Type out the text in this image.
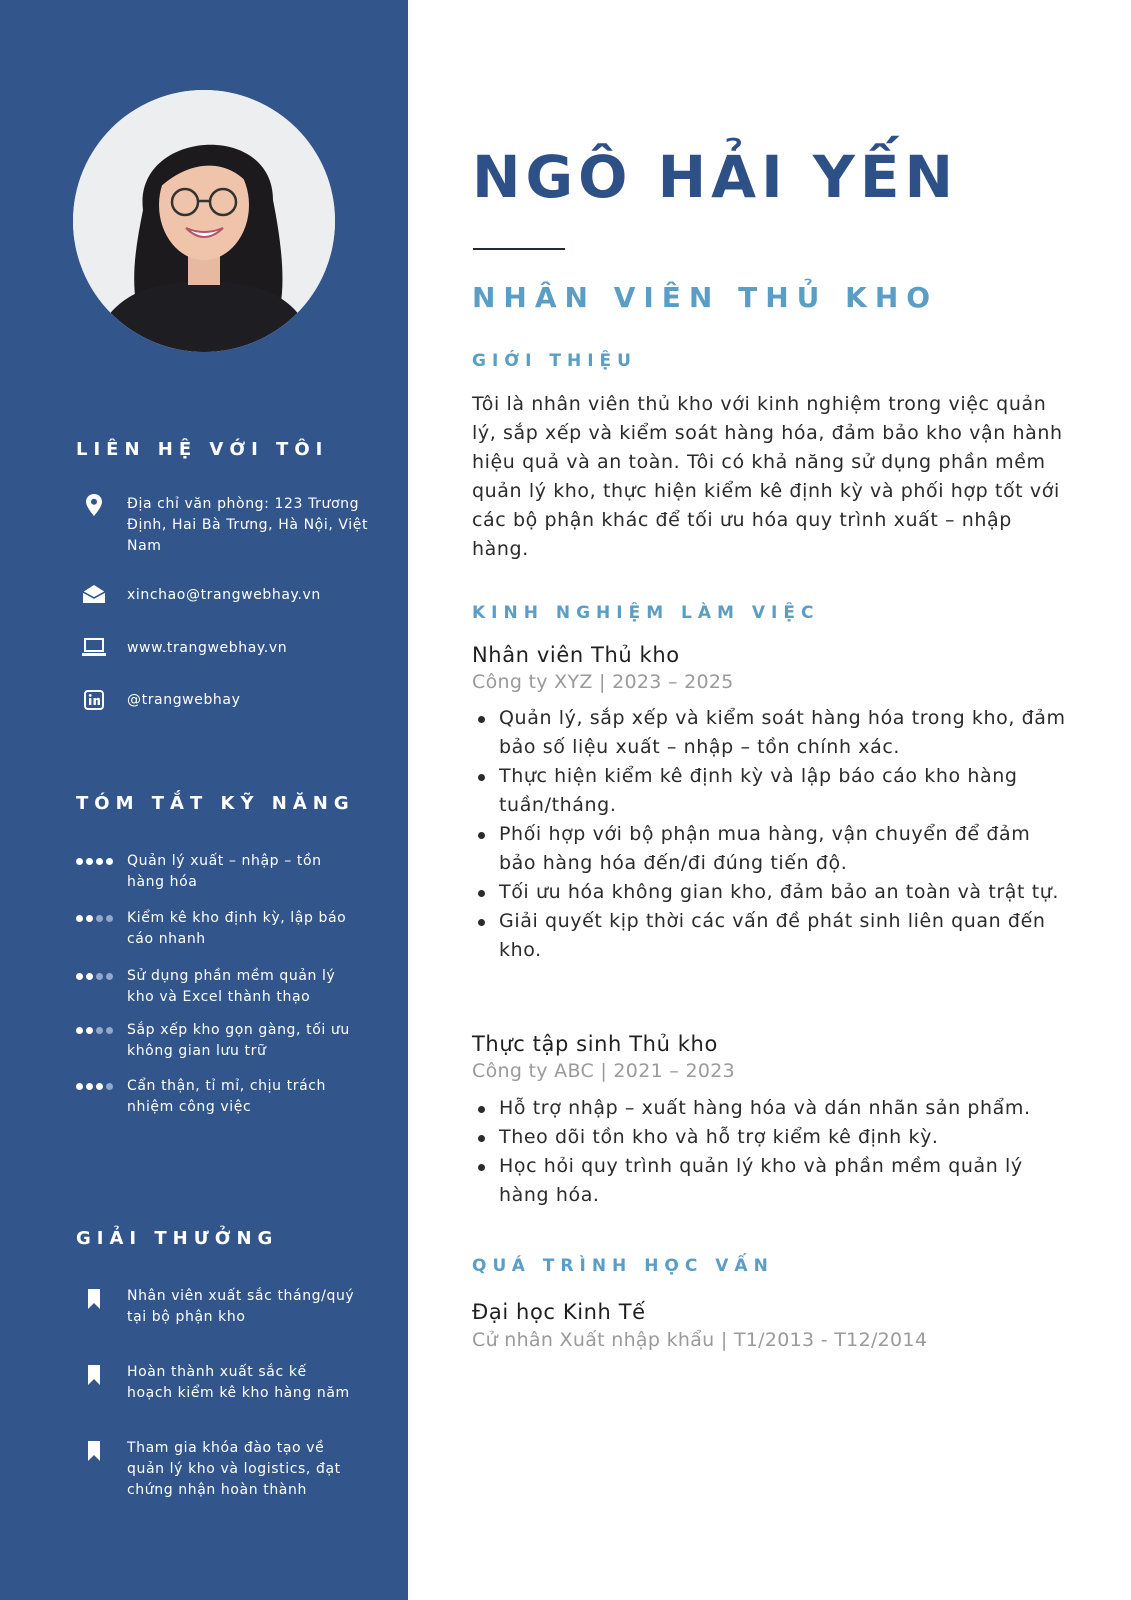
LIÊN HỆ VỚI TÔI
Địa chỉ văn phòng: 123 Trương Định, Hai Bà Trưng, Hà Nội, Việt Nam
xinchao@trangwebhay.vn
www.trangwebhay.vn
@trangwebhay
TÓM TẮT KỸ NĂNG
Quản lý xuất – nhập – tồn hàng hóa
Kiểm kê kho định kỳ, lập báo cáo nhanh
Sử dụng phần mềm quản lý kho và Excel thành thạo
Sắp xếp kho gọn gàng, tối ưu không gian lưu trữ
Cẩn thận, tỉ mỉ, chịu trách nhiệm công việc
GIẢI THƯỞNG
Nhân viên xuất sắc tháng/quý tại bộ phận kho
Hoàn thành xuất sắc kế hoạch kiểm kê kho hàng năm
Tham gia khóa đào tạo về quản lý kho và logistics, đạt chứng nhận hoàn thành
NGÔ HẢI YẾN
NHÂN VIÊN THỦ KHO
GIỚI THIỆU

Tôi là nhân viên thủ kho với kinh nghiệm trong việc quản lý, sắp xếp và kiểm soát hàng hóa, đảm bảo kho vận hành hiệu quả và an toàn. Tôi có khả năng sử dụng phần mềm quản lý kho, thực hiện kiểm kê định kỳ và phối hợp tốt với các bộ phận khác để tối ưu hóa quy trình xuất – nhập hàng.

KINH NGHIỆM LÀM VIỆC
Nhân viên Thủ kho
Công ty XYZ | 2023 – 2025
Quản lý, sắp xếp và kiểm soát hàng hóa trong kho, đảm bảo số liệu xuất – nhập – tồn chính xác.
Thực hiện kiểm kê định kỳ và lập báo cáo kho hàng tuần/tháng.
Phối hợp với bộ phận mua hàng, vận chuyển để đảm bảo hàng hóa đến/đi đúng tiến độ.
Tối ưu hóa không gian kho, đảm bảo an toàn và trật tự.
Giải quyết kịp thời các vấn đề phát sinh liên quan đến kho.
Thực tập sinh Thủ kho
Công ty ABC | 2021 – 2023
Hỗ trợ nhập – xuất hàng hóa và dán nhãn sản phẩm.
Theo dõi tồn kho và hỗ trợ kiểm kê định kỳ.
Học hỏi quy trình quản lý kho và phần mềm quản lý hàng hóa.
QUÁ TRÌNH HỌC VẤN
Đại học Kinh Tế
Cử nhân Xuất nhập khẩu | T1/2013 - T12/2014
